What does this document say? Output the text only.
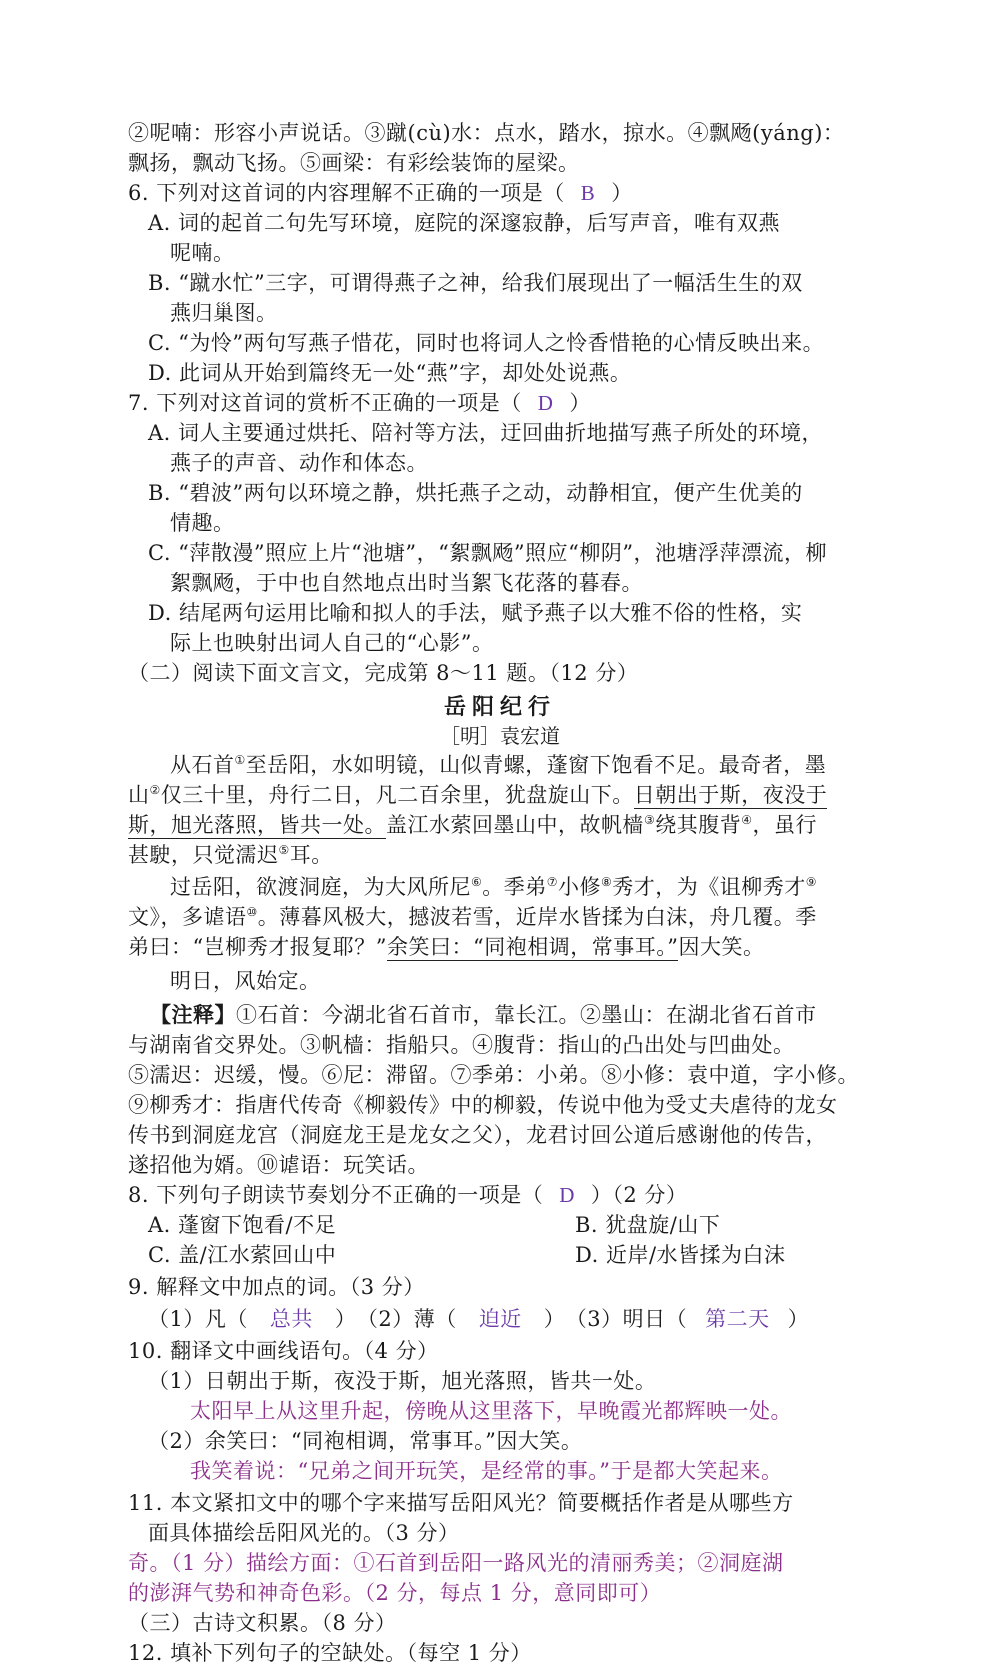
②呢喃：形容小声说话。③蹴(cù)水：点水，踏水，掠水。④飘飏(yáng)：
飘扬，飘动飞扬。⑤画梁：有彩绘装饰的屋梁。
6. 下列对这首词的内容理解不正确的一项是（ B ）
A. 词的起首二句先写环境，庭院的深邃寂静，后写声音，唯有双燕
呢喃。
B. “蹴水忙”三字，可谓得燕子之神，给我们展现出了一幅活生生的双
燕归巢图。
C. “为怜”两句写燕子惜花，同时也将词人之怜香惜艳的心情反映出来。
D. 此词从开始到篇终无一处“燕”字，却处处说燕。
7. 下列对这首词的赏析不正确的一项是（ D ）
A. 词人主要通过烘托、陪衬等方法，迂回曲折地描写燕子所处的环境，
燕子的声音、动作和体态。
B. “碧波”两句以环境之静，烘托燕子之动，动静相宜，便产生优美的
情趣。
C. “萍散漫”照应上片“池塘”，“絮飘飏”照应“柳阴”，池塘浮萍漂流，柳
絮飘飏，于中也自然地点出时当絮飞花落的暮春。
D. 结尾两句运用比喻和拟人的手法，赋予燕子以大雅不俗的性格，实
际上也映射出词人自己的“心影”。
（二）阅读下面文言文，完成第 8～11 题。（12 分）
岳阳纪行
［明］袁宏道
从石首①至岳阳，水如明镜，山似青螺，蓬窗下饱看不足。最奇者，墨
山②仅三十里，舟行二日，凡二百余里，犹盘旋山下。日朝出于斯，夜没于
斯，旭光落照，皆共一处。盖江水萦回墨山中，故帆樯③绕其腹背④，虽行
甚駛，只觉濡迟⑤耳。
过岳阳，欲渡洞庭，为大风所尼⑥。季弟⑦小修⑧秀才，为《诅柳秀才⑨
文》，多谑语⑩。薄暮风极大，撼波若雪，近岸水皆揉为白沫，舟几覆。季
弟曰：“岂柳秀才报复耶？”余笑曰：“同袍相调，常事耳。”因大笑。
明日，风始定。
【注释】①石首：今湖北省石首市，靠长江。②墨山：在湖北省石首市
与湖南省交界处。③帆樯：指船只。④腹背：指山的凸出处与凹曲处。
⑤濡迟：迟缓，慢。⑥尼：滞留。⑦季弟：小弟。⑧小修：袁中道，字小修。
⑨柳秀才：指唐代传奇《柳毅传》中的柳毅，传说中他为受丈夫虐待的龙女
传书到洞庭龙宫（洞庭龙王是龙女之父），龙君讨回公道后感谢他的传告，
遂招他为婿。⑩谑语：玩笑话。
8. 下列句子朗读节奏划分不正确的一项是（ D ）（2 分）
A. 蓬窗下饱看/不足	B. 犹盘旋/山下
C. 盖/江水萦回山中	D. 近岸/水皆揉为白沫
9. 解释文中加点的词。（3 分）
（1）凡（ 总共 ）　（2）薄（ 迫近 ）　（3）明日（ 第二天 ）
10. 翻译文中画线语句。（4 分）
（1）日朝出于斯，夜没于斯，旭光落照，皆共一处。
太阳早上从这里升起，傍晚从这里落下，早晚霞光都辉映一处。
（2）余笑曰：“同袍相调，常事耳。”因大笑。
我笑着说：“兄弟之间开玩笑，是经常的事。”于是都大笑起来。
11. 本文紧扣文中的哪个字来描写岳阳风光？简要概括作者是从哪些方
面具体描绘岳阳风光的。（3 分）
奇。（1 分）描绘方面：①石首到岳阳一路风光的清丽秀美；②洞庭湖
的澎湃气势和神奇色彩。（2 分，每点 1 分，意同即可）
（三）古诗文积累。（8 分）
12. 填补下列句子的空缺处。（每空 1 分）
